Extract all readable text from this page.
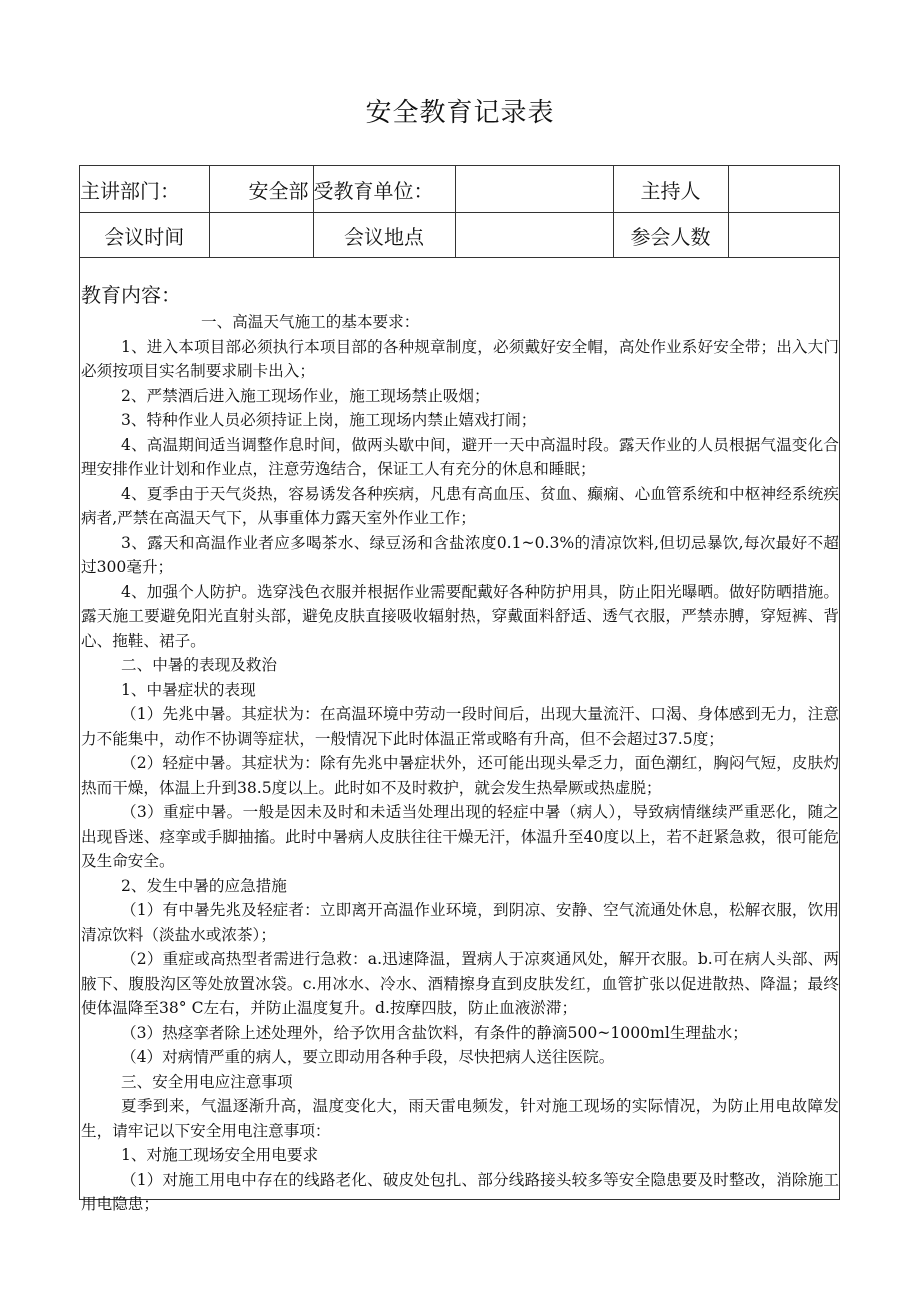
安全教育记录表
主讲部门：	安全部	受教育单位：		主持人	
会议时间		会议地点		参会人数	
教育内容：

一、高温天气施工的基本要求：

1、进入本项目部必须执行本项目部的各种规章制度，必须戴好安全帽，高处作业系好安全带；出入大门必须按项目实名制要求刷卡出入；

2、严禁酒后进入施工现场作业，施工现场禁止吸烟；

3、特种作业人员必须持证上岗，施工现场内禁止嬉戏打闹；

4、高温期间适当调整作息时间，做两头歇中间，避开一天中高温时段。露天作业的人员根据气温变化合理安排作业计划和作业点，注意劳逸结合，保证工人有充分的休息和睡眠；

4、夏季由于天气炎热，容易诱发各种疾病，凡患有高血压、贫血、癫痫、心血管系统和中枢神经系统疾病者,严禁在高温天气下，从事重体力露天室外作业工作；

3、露天和高温作业者应多喝茶水、绿豆汤和含盐浓度0.1~0.3%的清凉饮料,但切忌暴饮,每次最好不超过300毫升；

4、加强个人防护。选穿浅色衣服并根据作业需要配戴好各种防护用具，防止阳光曝晒。做好防晒措施。露天施工要避免阳光直射头部，避免皮肤直接吸收辐射热，穿戴面料舒适、透气衣服，严禁赤膊，穿短裤、背心、拖鞋、裙子。

二、中暑的表现及救治

1、中暑症状的表现

（1）先兆中暑。其症状为：在高温环境中劳动一段时间后，出现大量流汗、口渴、身体感到无力，注意力不能集中，动作不协调等症状，一般情况下此时体温正常或略有升高，但不会超过37.5度；

（2）轻症中暑。其症状为：除有先兆中暑症状外，还可能出现头晕乏力，面色潮红，胸闷气短，皮肤灼热而干燥，体温上升到38.5度以上。此时如不及时救护，就会发生热晕厥或热虚脱；

（3）重症中暑。一般是因未及时和未适当处理出现的轻症中暑（病人），导致病情继续严重恶化，随之出现昏迷、痉挛或手脚抽搐。此时中暑病人皮肤往往干燥无汗，体温升至40度以上，若不赶紧急救，很可能危及生命安全。

2、发生中暑的应急措施

（1）有中暑先兆及轻症者：立即离开高温作业环境，到阴凉、安静、空气流通处休息，松解衣服，饮用清凉饮料（淡盐水或浓茶）；

（2）重症或高热型者需进行急救：a.迅速降温，置病人于凉爽通风处，解开衣服。b.可在病人头部、两腋下、腹股沟区等处放置冰袋。c.用冰水、冷水、酒精擦身直到皮肤发红，血管扩张以促进散热、降温；最终使体温降至38° C左右，并防止温度复升。d.按摩四肢，防止血液淤滞；

（3）热痉挛者除上述处理外，给予饮用含盐饮料，有条件的静滴500~1000ml生理盐水；

（4）对病情严重的病人，要立即动用各种手段，尽快把病人送往医院。

三、安全用电应注意事项

夏季到来，气温逐渐升高，温度变化大，雨天雷电频发，针对施工现场的实际情况，为防止用电故障发生，请牢记以下安全用电注意事项：

1、对施工现场安全用电要求

（1）对施工用电中存在的线路老化、破皮处包扎、部分线路接头较多等安全隐患要及时整改，消除施工用电隐患；
